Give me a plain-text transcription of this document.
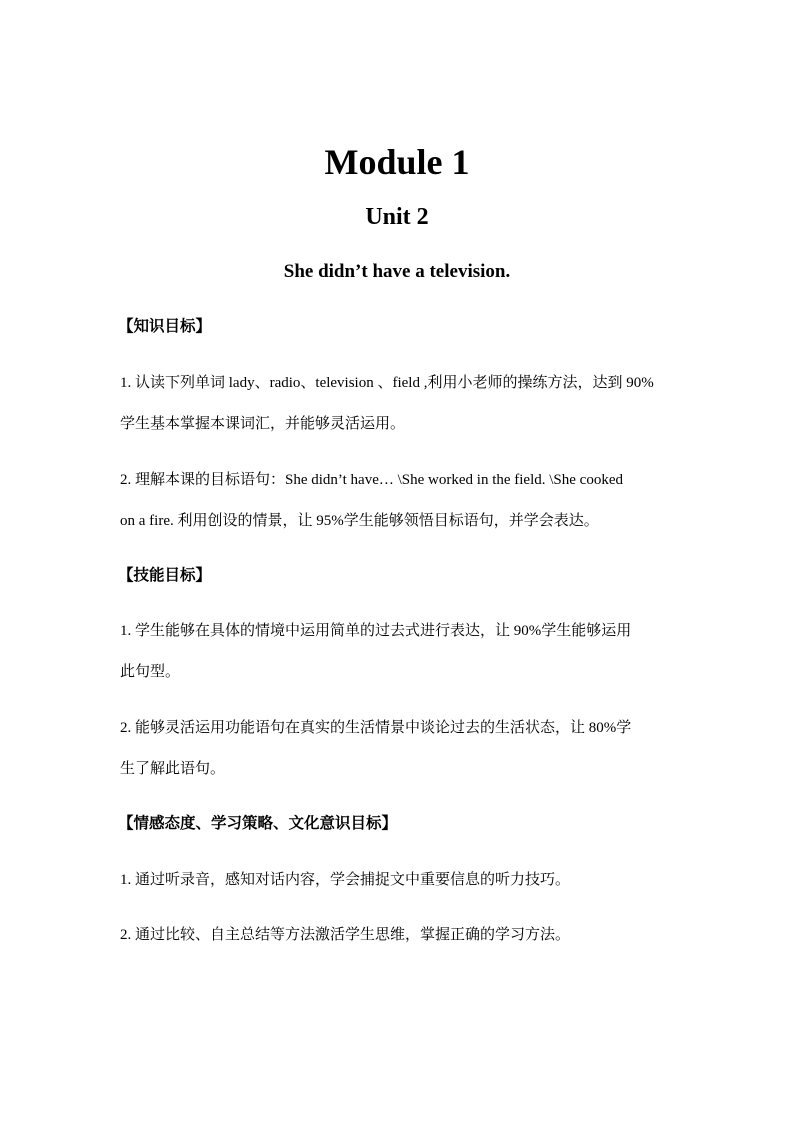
Module 1
Unit 2
She didn’t have a television.

【知识目标】

1. 认读下列单词 lady、radio、television 、field ,利用小老师的操练方法，达到 90%

学生基本掌握本课词汇，并能够灵活运用。

2. 理解本课的目标语句：She didn’t have… \She worked in the field. \She cooked

on a fire. 利用创设的情景，让 95%学生能够领悟目标语句，并学会表达。

【技能目标】

1. 学生能够在具体的情境中运用简单的过去式进行表达，让 90%学生能够运用

此句型。

2. 能够灵活运用功能语句在真实的生活情景中谈论过去的生活状态，让 80%学

生了解此语句。

【情感态度、学习策略、文化意识目标】

1. 通过听录音，感知对话内容，学会捕捉文中重要信息的听力技巧。

2. 通过比较、自主总结等方法激活学生思维，掌握正确的学习方法。
